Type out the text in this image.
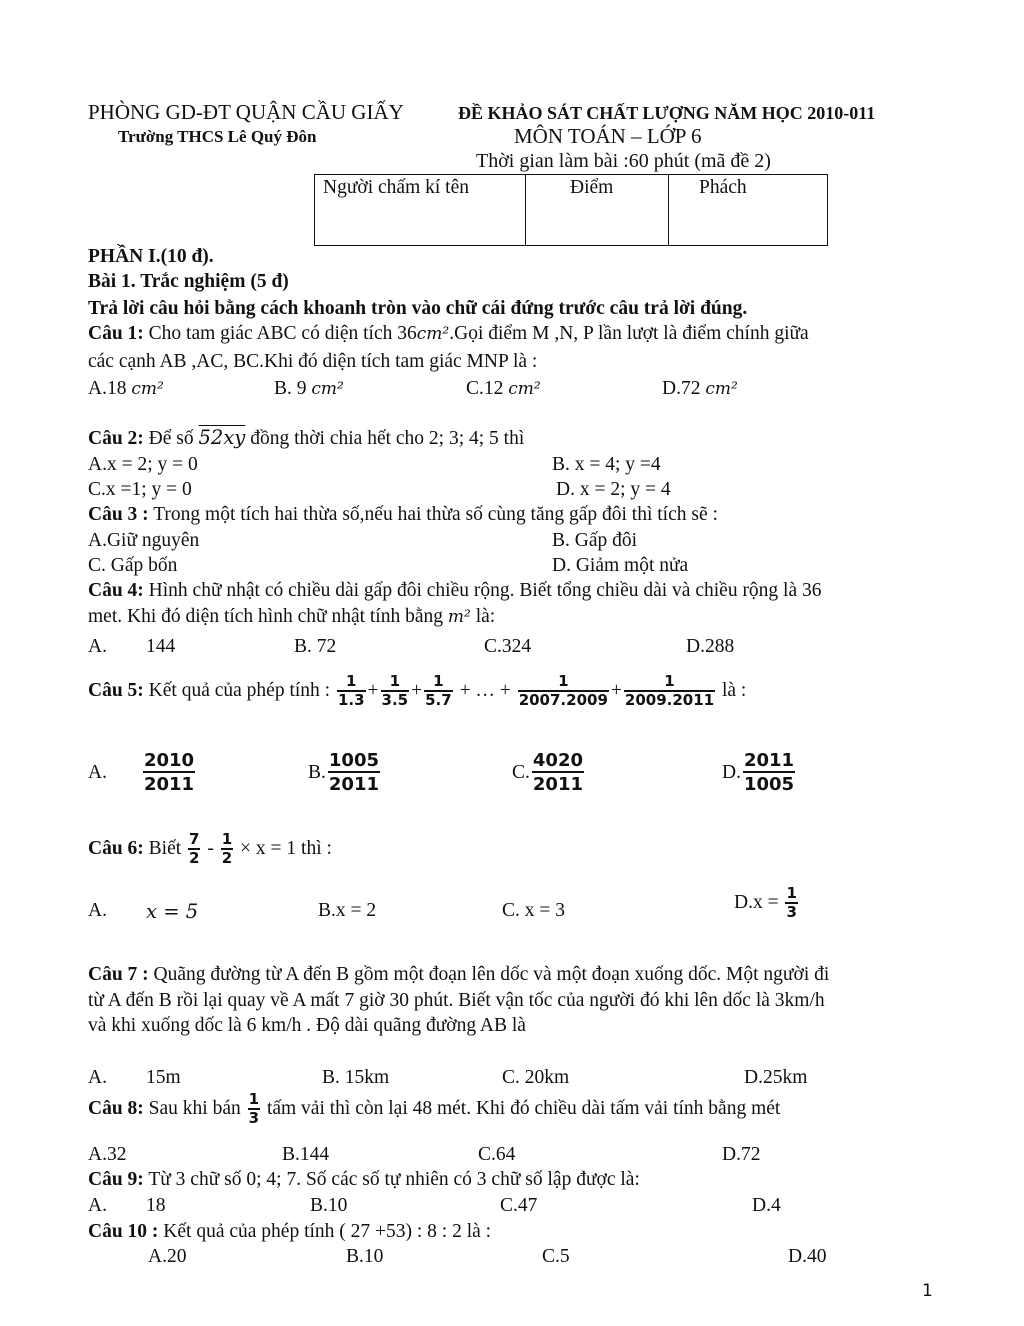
PHÒNG GD-ĐT QUẬN CẦU GIẤY
Trường THCS Lê Quý Đôn
ĐỀ KHẢO SÁT CHẤT LƯỢNG NĂM HỌC 2010-011
MÔN TOÁN – LỚP 6
Thời gian làm bài :60 phút (mã đề 2)
Người chấm kí tên	Điểm	Phách
PHẦN I.(10 đ).
Bài 1. Trắc nghiệm (5 đ)
Trả lời câu hỏi bằng cách khoanh tròn vào chữ cái đứng trước câu trả lời đúng.
Câu 1: Cho tam giác ABC có diện tích 36cm².Gọi điểm M ,N, P lần lượt là điểm chính giữa
các cạnh AB ,AC, BC.Khi đó diện tích tam giác MNP là :
A.18 cm²	B. 9 cm²	C.12 cm²	D.72 cm²
Câu 2: Để số 52xy đồng thời chia hết cho 2; 3; 4; 5 thì
A.x = 2; y = 0	B. x = 4; y =4
C.x =1; y = 0	D. x = 2; y = 4
Câu 3 : Trong một tích hai thừa số,nếu hai thừa số cùng tăng gấp đôi thì tích sẽ :
A.Giữ nguyên	B. Gấp đôi
C. Gấp bốn	D. Giảm một nửa
Câu 4: Hình chữ nhật có chiều dài gấp đôi chiều rộng. Biết tổng chiều dài và chiều rộng là 36
met. Khi đó diện tích hình chữ nhật tính bằng m² là:
A. 144	B. 72	C.324	D.288
Câu 5: Kết quả của phép tính : $\frac{1}{1.3} + \frac{1}{3.5} + \frac{1}{5.7}$ + … + $\frac{1}{2007.2009} + \frac{1}{2009.2011}$ là :
A. $\frac{2010}{2011}$	B. $\frac{1005}{2011}$	C. $\frac{4020}{2011}$	D. $\frac{2011}{1005}$
Câu 6: Biết $\frac{7}{2} - \frac{1}{2} \times x = 1$ thì :
A. x = 5	B.x = 2	C. x = 3	$D.x = \frac{1}{3}$
Câu 7 : Quãng đường từ A đến B gồm một đoạn lên dốc và một đoạn xuống dốc. Một người đi
từ A đến B rồi lại quay về A mất 7 giờ 30 phút. Biết vận tốc của người đó khi lên dốc là 3km/h
và khi xuống dốc là 6 km/h . Độ dài quãng đường AB là
A. 15m	B. 15km	C. 20km	D.25km
Câu 8: Sau khi bán $\frac{1}{3}$ tấm vải thì còn lại 48 mét. Khi đó chiều dài tấm vải tính bằng mét
A.32	B.144	C.64	D.72
Câu 9: Từ 3 chữ số 0; 4; 7. Số các số tự nhiên có 3 chữ số lập được là:
A. 18	B.10	C.47	D.4
Câu 10 : Kết quả của phép tính ( 27 +53) : 8 : 2 là :
A.20	B.10	C.5	D.40
1
